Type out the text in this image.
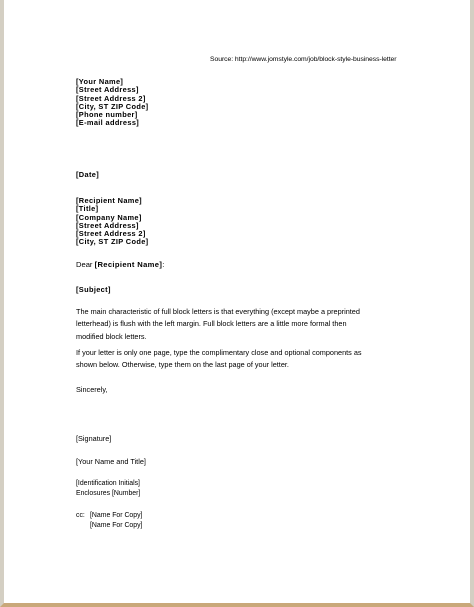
Source: http://www.jomstyle.com/job/block-style-business-letter
[Your Name]
[Street Address]
[Street Address 2]
[City, ST ZIP Code]
[Phone number]
[E-mail address]
[Date]
[Recipient Name]
[Title]
[Company Name]
[Street Address]
[Street Address 2]
[City, ST ZIP Code]
Dear [Recipient Name]:
[Subject]
The main characteristic of full block letters is that everything (except maybe a preprinted
letterhead) is flush with the left margin. Full block letters are a little more formal then
modified block letters.
If your letter is only one page, type the complimentary close and optional components as
shown below. Otherwise, type them on the last page of your letter.
Sincerely,
[Signature]
[Your Name and Title]
[Identification Initials]
Enclosures [Number]
cc: [Name For Copy]
[Name For Copy]
